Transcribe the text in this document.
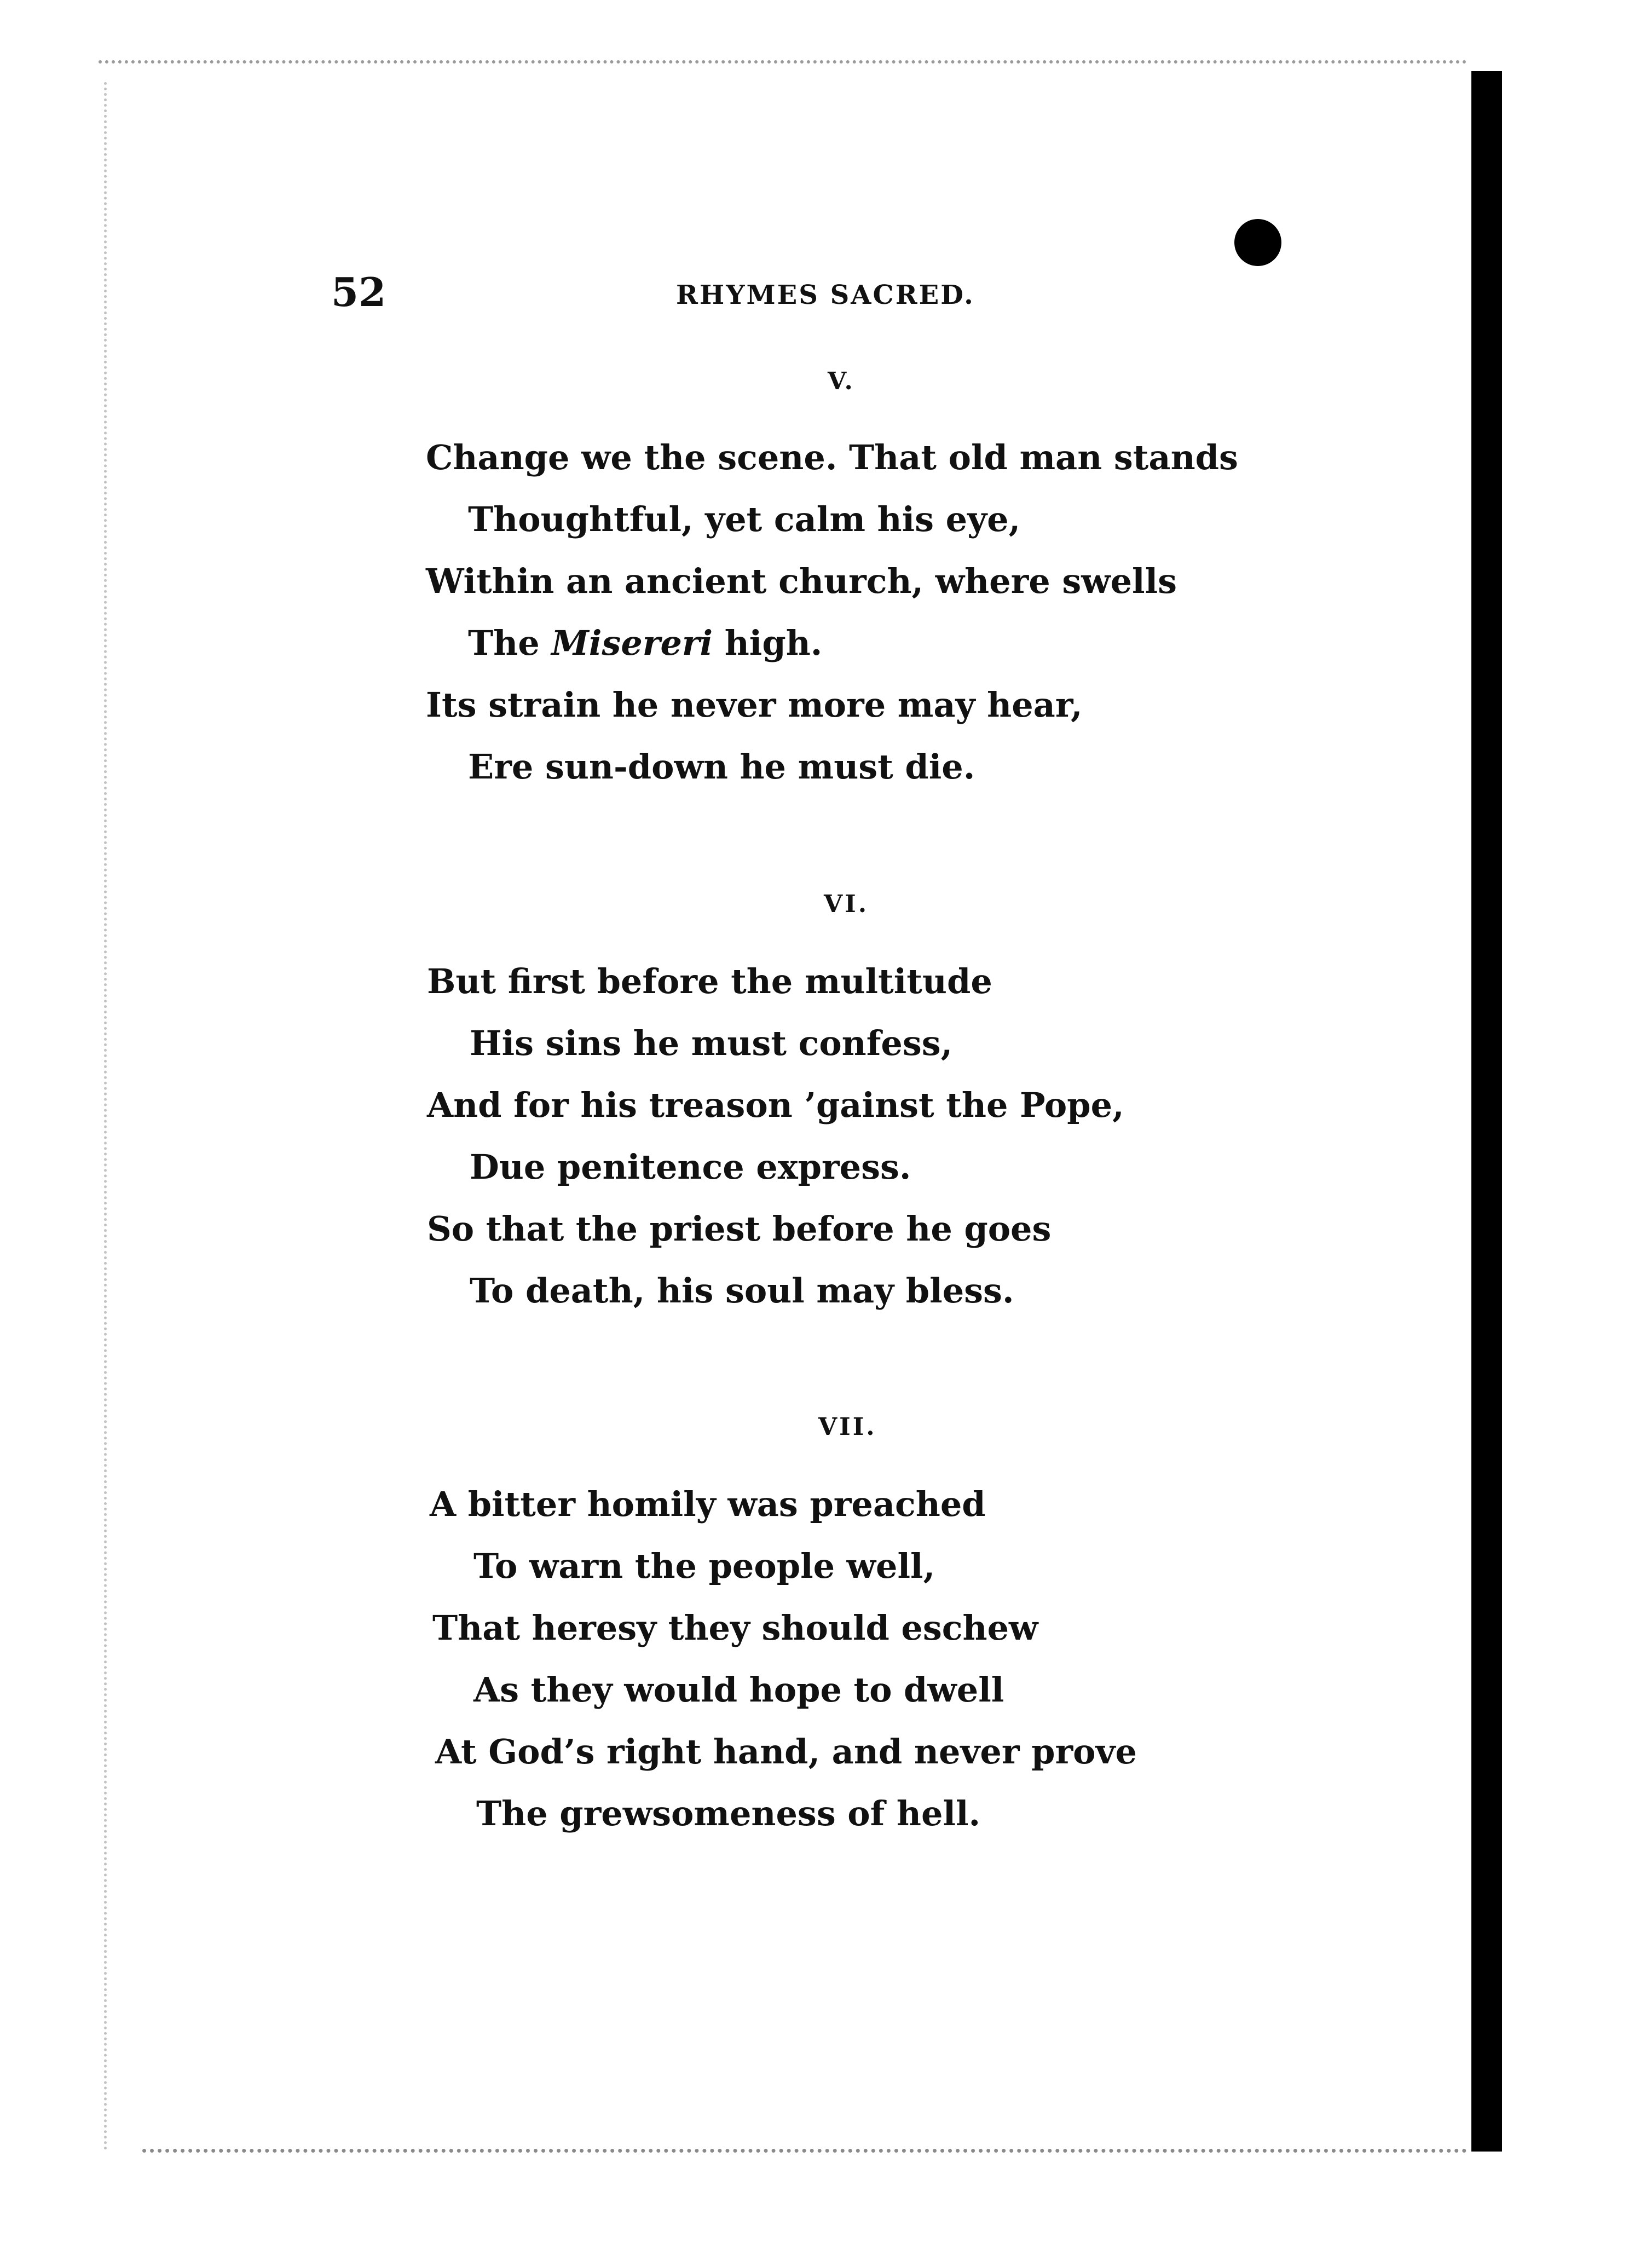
52	RHYMES SACRED.
V.
Change we the scene. That old man stands
Thoughtful, yet calm his eye,
Within an ancient church, where swells
The Misereri high.
Its strain he never more may hear,
Ere sun-down he must die.
VI.
But first before the multitude
His sins he must confess,
And for his treason ’gainst the Pope,
Due penitence express.
So that the priest before he goes
To death, his soul may bless.
VII.
A bitter homily was preached
To warn the people well,
That heresy they should eschew
As they would hope to dwell
At God’s right hand, and never prove
The grewsomeness of hell.
